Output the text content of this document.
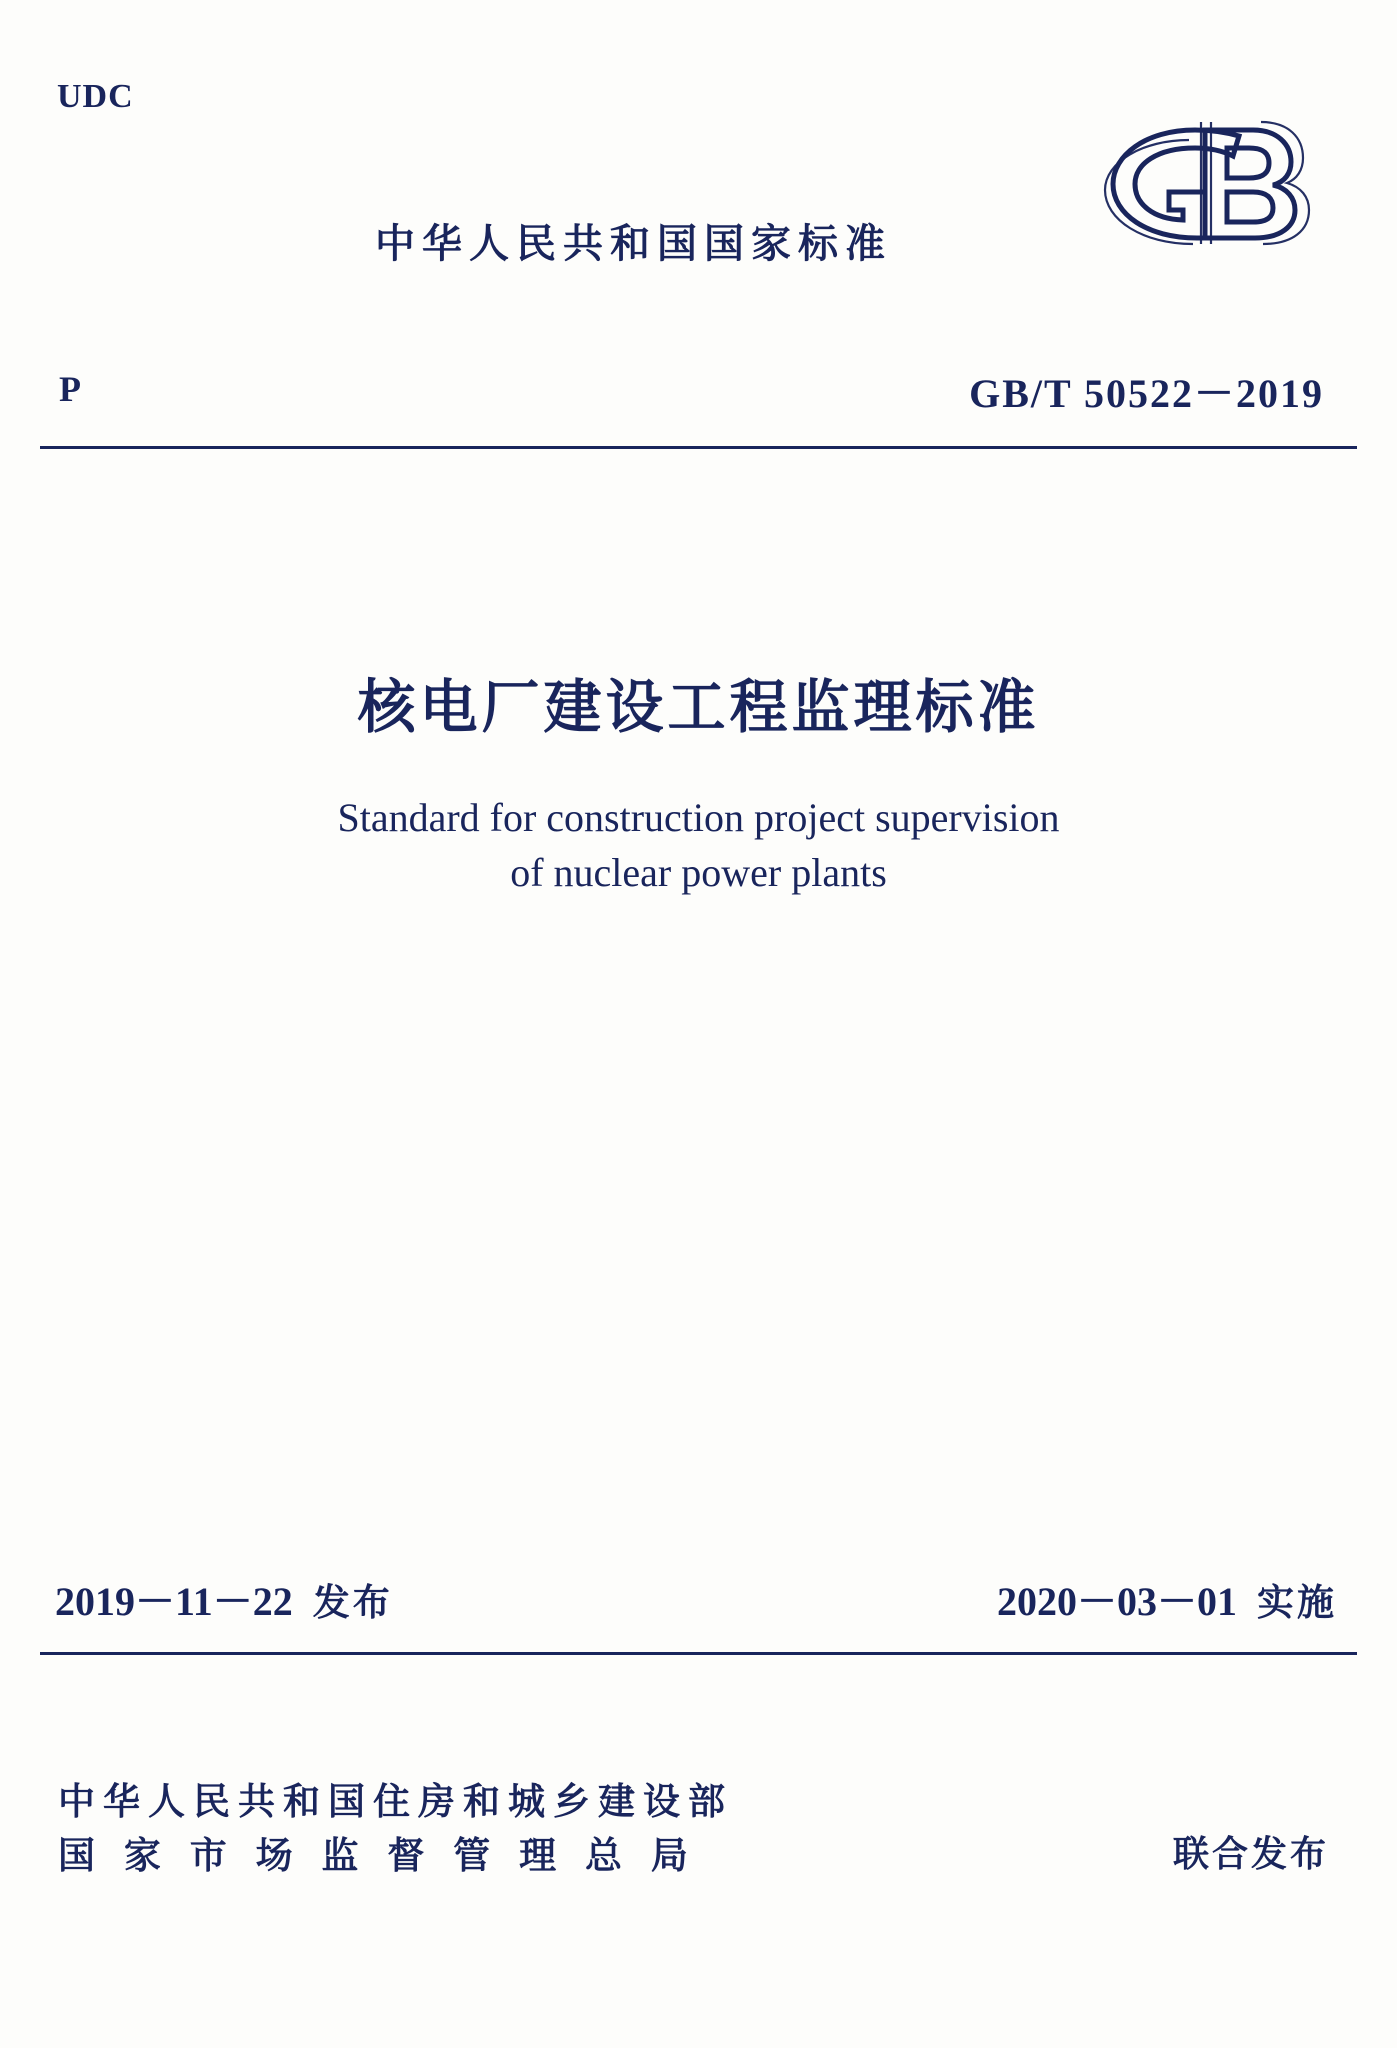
UDC
中华人民共和国国家标准
P	GB/T 50522－2019
核电厂建设工程监理标准
Standard for construction project supervision
of nuclear power plants
2019－11－22 发布	2020－03－01 实施
中华人民共和国住房和城乡建设部
国 家 市 场 监 督 管 理 总 局	联合发布
